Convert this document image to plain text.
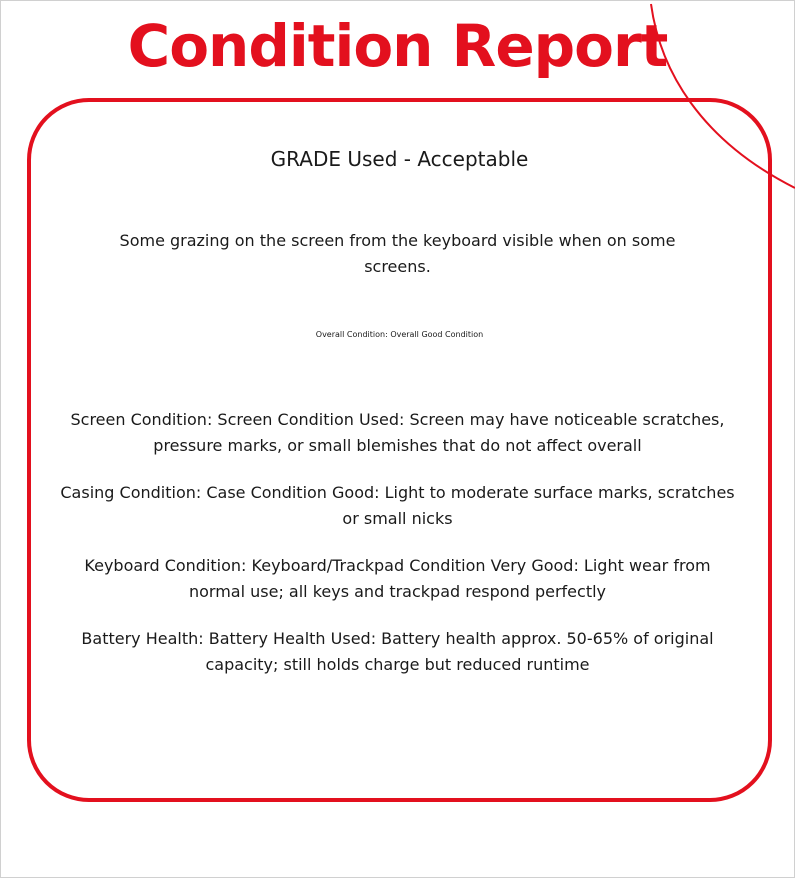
Condition Report
GRADE Used - Acceptable

Some grazing on the screen from the keyboard visible when on some screens.

Overall Condition: Overall Good Condition

Screen Condition: Screen Condition Used: Screen may have noticeable scratches, pressure marks, or small blemishes that do not affect overall
Casing Condition: Case Condition Good: Light to moderate surface marks, scratches or small nicks
Keyboard Condition: Keyboard/Trackpad Condition Very Good: Light wear from normal use; all keys and trackpad respond perfectly
Battery Health: Battery Health Used: Battery health approx. 50-65% of original capacity; still holds charge but reduced runtime
